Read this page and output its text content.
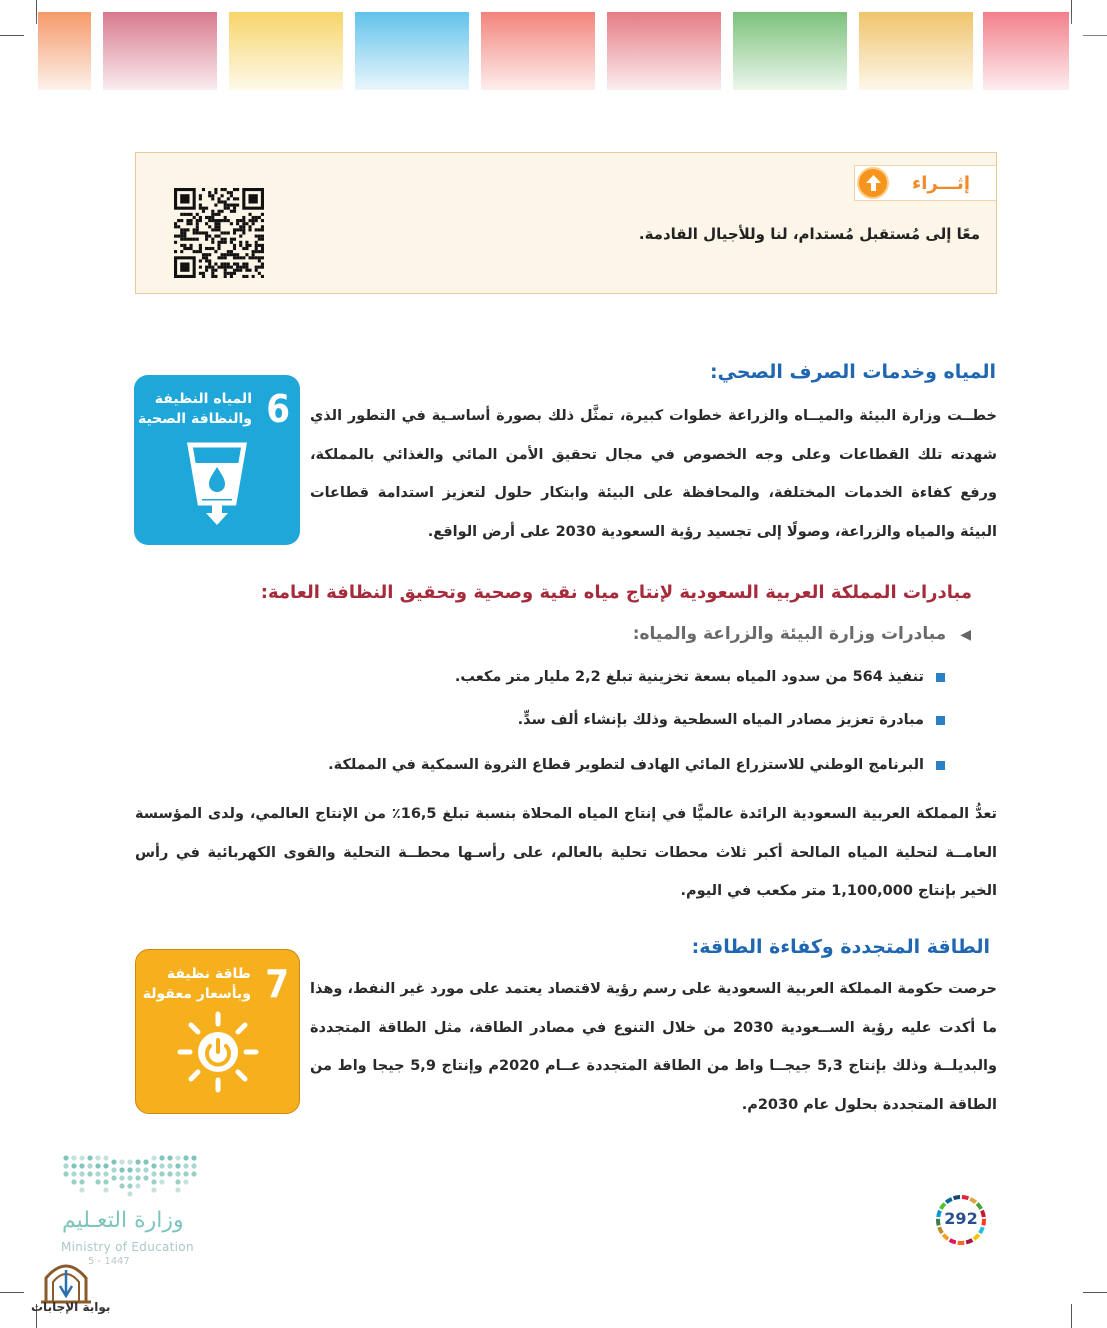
إثـــراء
معًا إلى مُستقبل مُستدام، لنا وللأجيال القادمة.
المياه وخدمات الصرف الصحي:
خطــت وزارة البيئة والميــاه والزراعة خطوات كبيرة، تمثَّل ذلك بصورة أساسـية في التطور الذي شهدته تلك القطاعات وعلى وجه الخصوص في مجال تحقيق الأمن المائي والغذائي بالمملكة، ورفع كفاءة الخدمات المختلفة، والمحافظة على البيئة وابتكار حلول لتعزيز استدامة قطاعات البيئة والمياه والزراعة، وصولًا إلى تجسيد رؤية السعودية 2030 على أرض الواقع.
6
المياه النظيفة
والنظافة الصحية
مبادرات المملكة العربية السعودية لإنتاج مياه نقية وصحية وتحقيق النظافة العامة:
◀مبادرات وزارة البيئة والزراعة والمياه:
تنفيذ 564 من سدود المياه بسعة تخزينية تبلغ 2,2 مليار متر مكعب.
مبادرة تعزيز مصادر المياه السطحية وذلك بإنشاء ألف سدٍّ.
البرنامج الوطني للاستزراع المائي الهادف لتطوير قطاع الثروة السمكية في المملكة.
تعدُّ المملكة العربية السعودية الرائدة عالميًّا في إنتاج المياه المحلاة بنسبة تبلغ 16,5٪ من الإنتاج العالمي، ولدى المؤسسة العامــة لتحلية المياه المالحة أكبر ثلاث محطات تحلية بالعالم، على رأسـها محطــة التحلية والقوى الكهربائية في رأس الخير بإنتاج 1,100,000 متر مكعب في اليوم.
الطاقة المتجددة وكفاءة الطاقة:
حرصت حكومة المملكة العربية السعودية على رسم رؤية لاقتصاد يعتمد على مورد غير النفط، وهذا ما أكدت عليه رؤية الســعودية 2030 من خلال التنوع في مصادر الطاقة، مثل الطاقة المتجددة والبديلــة وذلك بإنتاج 5,3 جيجــا واط من الطاقة المتجددة عــام 2020م وإنتاج 5,9 جيجا واط من الطاقة المتجددة بحلول عام 2030م.
7
طاقة نظيفة
وبأسعار معقولة
وزارة التعـليم
Ministry of Education
5 - 1447
بوابة الإجابات
292
